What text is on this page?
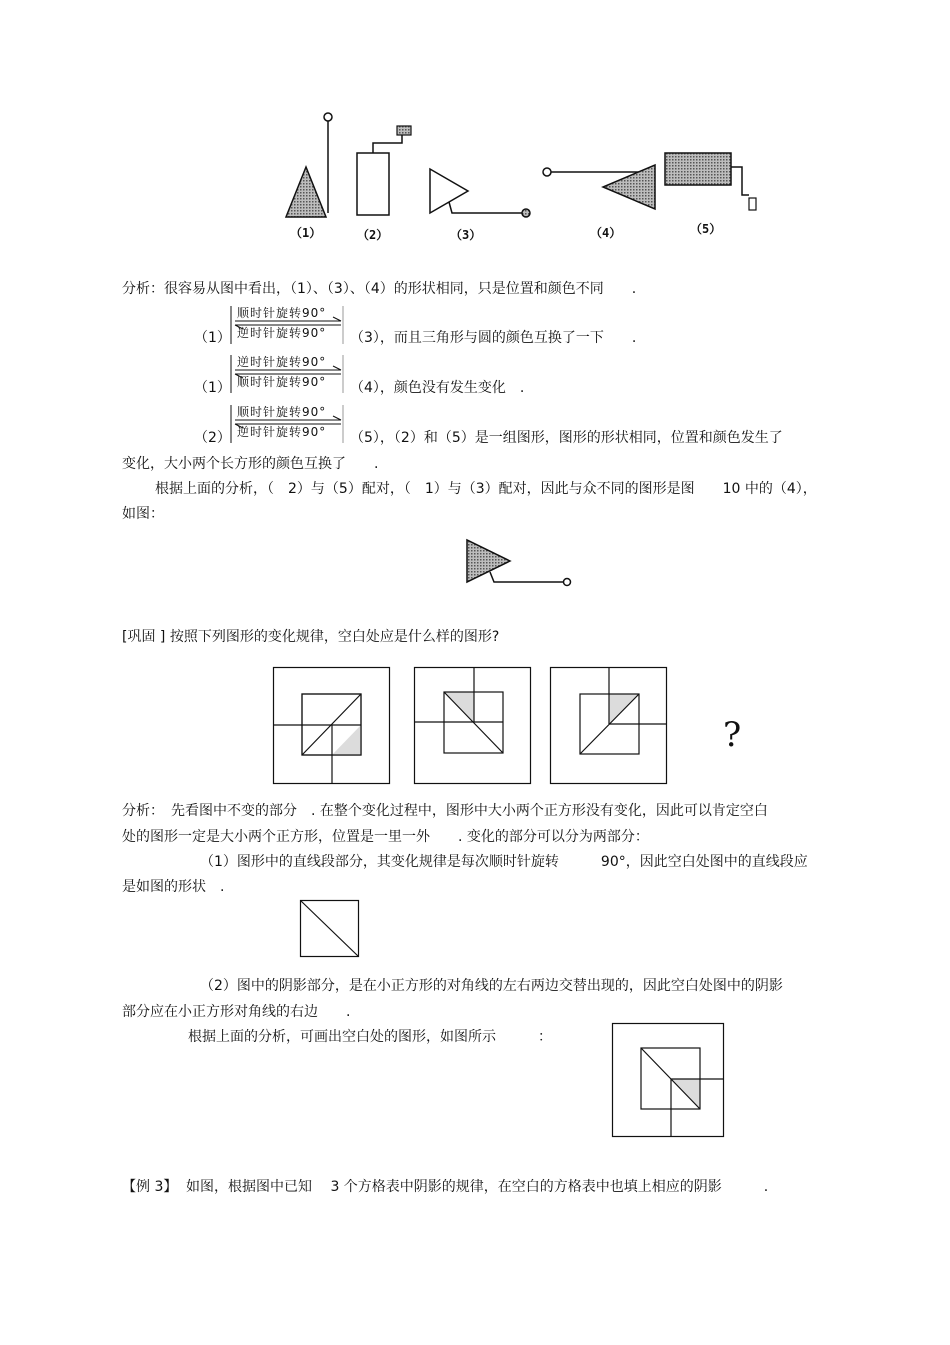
（1）	（2）	（3）	（4）	（5）
分析：很容易从图中看出，（1）、（3）、（4）的形状相同，只是位置和颜色不同　　.
（1）
顺时针旋转90°
逆时针旋转90° （3），而且三角形与圆的颜色互换了一下　　.
（1）
逆时针旋转90°
顺时针旋转90° （4），颜色没有发生变化　.
（2）
顺时针旋转90°
逆时针旋转90° （5），（2）和（5）是一组图形，图形的形状相同，位置和颜色发生了
变化，大小两个长方形的颜色互换了　　.
根据上面的分析，（　2）与（5）配对，（　1）与（3）配对，因此与众不同的图形是图　　10 中的（4），
如图：
[巩固 ] 按照下列图形的变化规律，空白处应是什么样的图形?
?
分析：　先看图中不变的部分　. 在整个变化过程中，图形中大小两个正方形没有变化，因此可以肯定空白
处的图形一定是大小两个正方形，位置是一里一外　　. 变化的部分可以分为两部分：
（1）图形中的直线段部分，其变化规律是每次顺时针旋转　　　90°，因此空白处图中的直线段应
是如图的形状　.
（2）图中的阴影部分，是在小正方形的对角线的左右两边交替出现的，因此空白处图中的阴影
部分应在小正方形对角线的右边　　.
根据上面的分析，可画出空白处的图形，如图所示　　　：
【例 3】 如图，根据图中已知　 3 个方格表中阴影的规律，在空白的方格表中也填上相应的阴影　　　.
